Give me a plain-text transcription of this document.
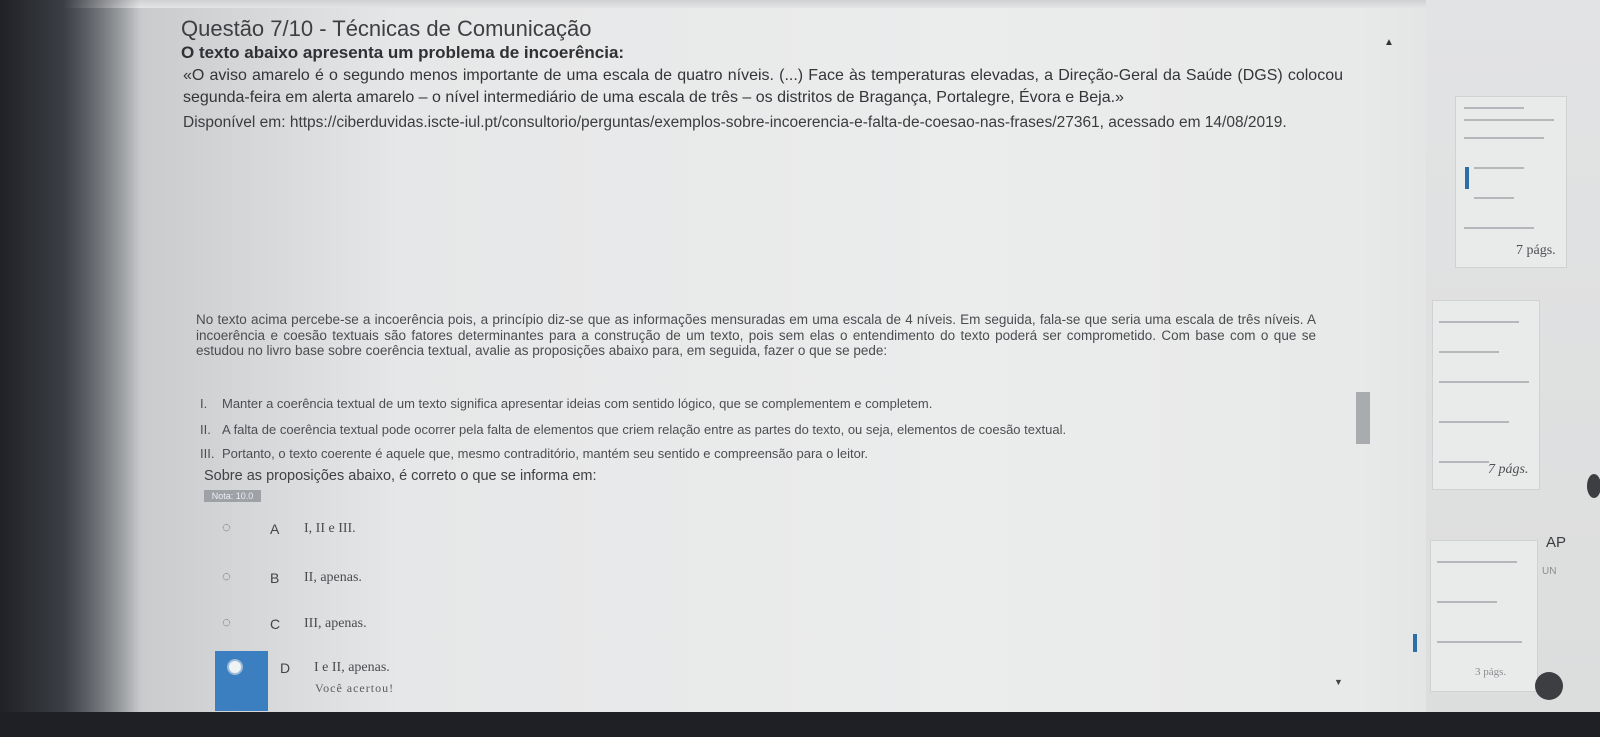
Questão 7/10 - Técnicas de Comunicação
O texto abaixo apresenta um problema de incoerência:
▲
«O aviso amarelo é o segundo menos importante de uma escala de quatro níveis. (...) Face às temperaturas elevadas, a Direção-Geral da Saúde (DGS) colocou segunda-feira em alerta amarelo – o nível intermediário de uma escala de três – os distritos de Bragança, Portalegre, Évora e Beja.»
Disponível em: https://ciberduvidas.iscte-iul.pt/consultorio/perguntas/exemplos-sobre-incoerencia-e-falta-de-coesao-nas-frases/27361, acessado em 14/08/2019.
No texto acima percebe-se a incoerência pois, a princípio diz-se que as informações mensuradas em uma escala de 4 níveis. Em seguida, fala-se que seria uma escala de três níveis. A incoerência e coesão textuais são fatores determinantes para a construção de um texto, pois sem elas o entendimento do texto poderá ser comprometido. Com base com o que se estudou no livro base sobre coerência textual, avalie as proposições abaixo para, em seguida, fazer o que se pede:
I. Manter a coerência textual de um texto significa apresentar ideias com sentido lógico, que se complementem e completem.
II. A falta de coerência textual pode ocorrer pela falta de elementos que criem relação entre as partes do texto, ou seja, elementos de coesão textual.
III. Portanto, o texto coerente é aquele que, mesmo contraditório, mantém seu sentido e compreensão para o leitor.
Sobre as proposições abaixo, é correto o que se informa em:
Nota: 10.0
◌	A	I, II e III.
◌	B	II, apenas.
◌	C	III, apenas.
D	I e II, apenas.
Você acertou!	▼
7 págs.
7 págs.
AP
UN
3 págs.
